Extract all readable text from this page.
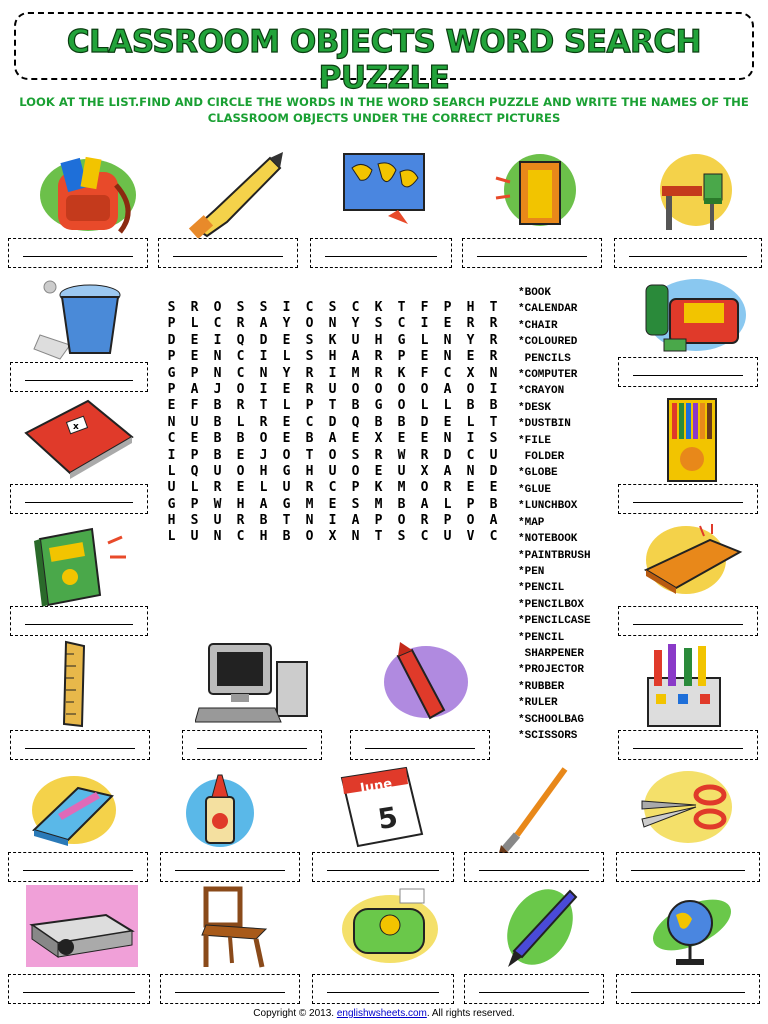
CLASSROOM OBJECTS WORD SEARCH PUZZLE
LOOK AT THE LIST.FIND AND CIRCLE THE WORDS IN THE WORD SEARCH PUZZLE AND WRITE THE NAMES OF THE CLASSROOM OBJECTS UNDER THE CORRECT PICTURES
x
June
5
S	R	O	S	S	I	C	S	C	K	T	F	P	H	T
P	L	C	R	A	Y	O	N	Y	S	C	I	E	R	R
D	E	I	Q	D	E	S	K	U	H	G	L	N	Y	R
P	E	N	C	I	L	S	H	A	R	P	E	N	E	R
G	P	N	C	N	Y	R	I	M	R	K	F	C	X	N
P	A	J	O	I	E	R	U	O	O	O	O	A	O	I
E	F	B	R	T	L	P	T	B	G	O	L	L	B	B
N	U	B	L	R	E	C	D	Q	B	B	D	E	L	T
C	E	B	B	O	E	B	A	E	X	E	E	N	I	S
I	P	B	E	J	O	T	O	S	R	W	R	D	C	U
L	Q	U	O	H	G	H	U	O	E	U	X	A	N	D
U	L	R	E	L	U	R	C	P	K	M	O	R	E	E
G	P	W	H	A	G	M	E	S	M	B	A	L	P	B
H	S	U	R	B	T	N	I	A	P	O	R	P	O	A
L	U	N	C	H	B	O	X	N	T	S	C	U	V	C
*BOOK
*CALENDAR
*CHAIR
*COLOURED
PENCILS
*COMPUTER
*CRAYON
*DESK
*DUSTBIN
*FILE
FOLDER
*GLOBE
*GLUE
*LUNCHBOX
*MAP
*NOTEBOOK
*PAINTBRUSH
*PEN
*PENCIL
*PENCILBOX
*PENCILCASE
*PENCIL
SHARPENER
*PROJECTOR
*RUBBER
*RULER
*SCHOOLBAG
*SCISSORS
Copyright © 2013. englishwsheets.com. All rights reserved.
